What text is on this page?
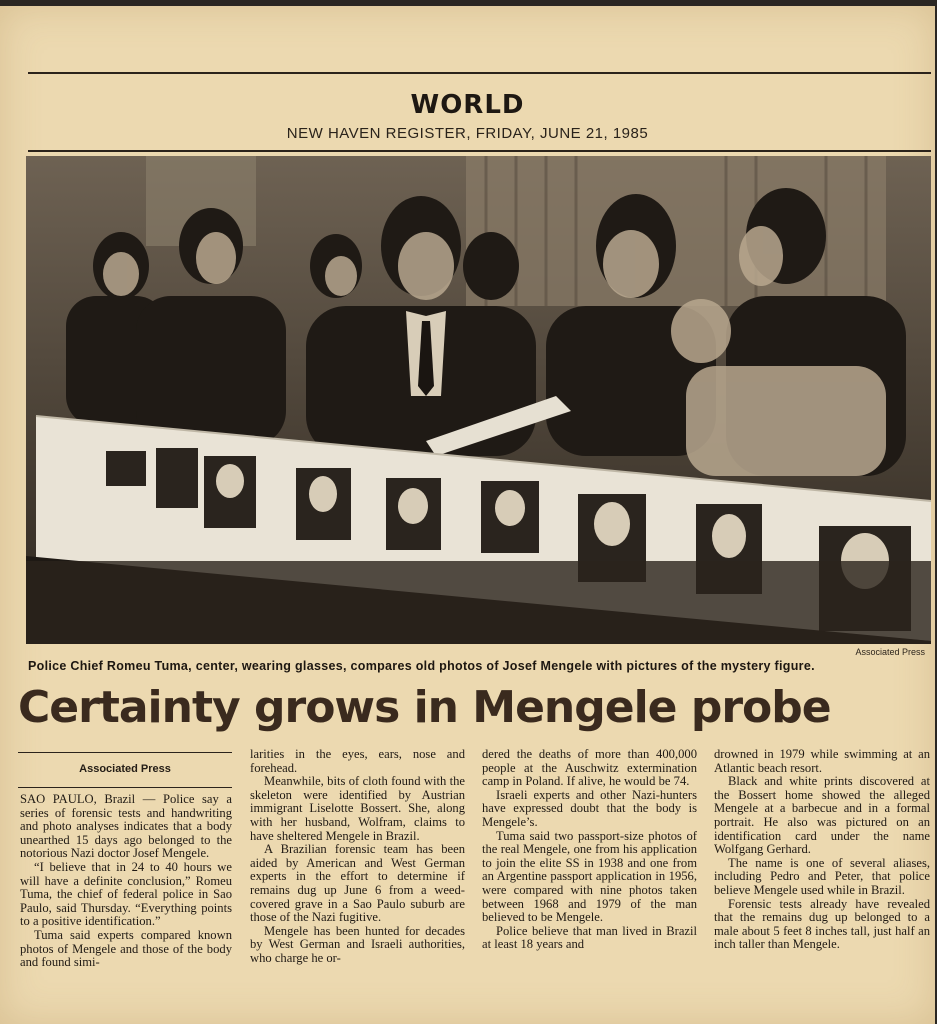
WORLD
NEW HAVEN REGISTER, FRIDAY, JUNE 21, 1985
Associated Press
Police Chief Romeu Tuma, center, wearing glasses, compares old photos of Josef Mengele with pictures of the mystery figure.
Certainty grows in Mengele probe
Associated Press

SAO PAULO, Brazil — Police say a series of forensic tests and handwriting and photo analyses indicates that a body unearthed 15 days ago belonged to the notorious Nazi doctor Josef Mengele.

“I believe that in 24 to 40 hours we will have a definite conclusion,” Romeu Tuma, the chief of federal police in Sao Paulo, said Thursday. “Everything points to a positive identification.”

Tuma said experts compared known photos of Mengele and those of the body and found simi-

larities in the eyes, ears, nose and forehead.

Meanwhile, bits of cloth found with the skeleton were identified by Austrian immigrant Liselotte Bossert. She, along with her husband, Wolfram, claims to have sheltered Mengele in Brazil.

A Brazilian forensic team has been aided by American and West German experts in the effort to determine if remains dug up June 6 from a weed-covered grave in a Sao Paulo suburb are those of the Nazi fugitive.

Mengele has been hunted for decades by West German and Israeli authorities, who charge he or-

dered the deaths of more than 400,000 people at the Auschwitz extermination camp in Poland. If alive, he would be 74.

Israeli experts and other Nazi-hunters have expressed doubt that the body is Mengele’s.

Tuma said two passport-size photos of the real Mengele, one from his application to join the elite SS in 1938 and one from an Argentine passport application in 1956, were compared with nine photos taken between 1968 and 1979 of the man believed to be Mengele.

Police believe that man lived in Brazil at least 18 years and

drowned in 1979 while swimming at an Atlantic beach resort.

Black and white prints discovered at the Bossert home showed the alleged Mengele at a barbecue and in a formal portrait. He also was pictured on an identification card under the name Wolfgang Gerhard.

The name is one of several aliases, including Pedro and Peter, that police believe Mengele used while in Brazil.

Forensic tests already have revealed that the remains dug up belonged to a male about 5 feet 8 inches tall, just half an inch taller than Mengele.
